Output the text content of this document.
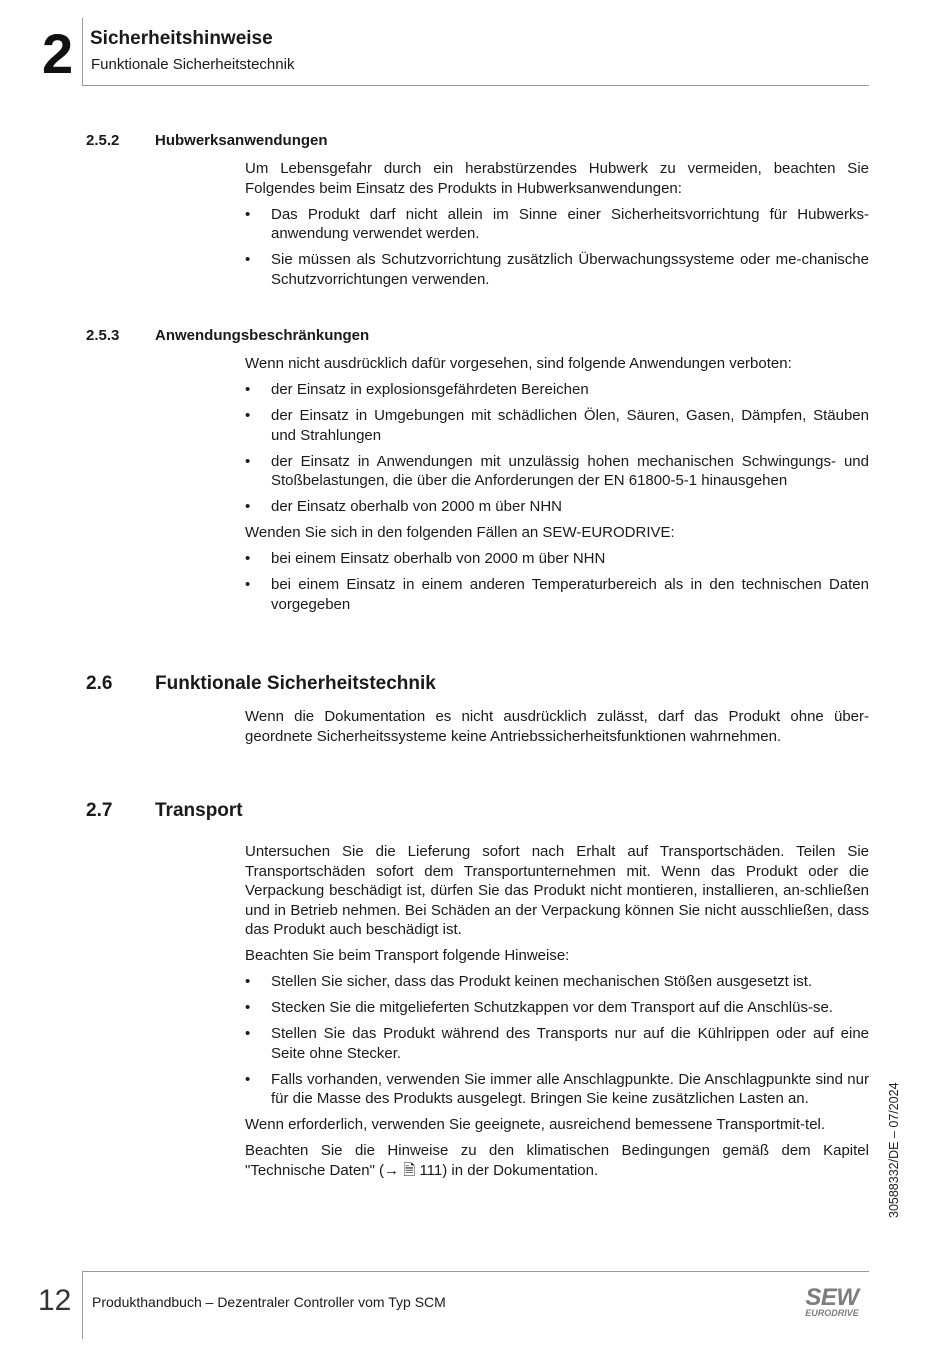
2 Sicherheitshinweise
Funktionale Sicherheitstechnik
2.5.2 Hubwerksanwendungen

Um Lebensgefahr durch ein herabstürzendes Hubwerk zu vermeiden, beachten Sie Folgendes beim Einsatz des Produkts in Hubwerksanwendungen:

•	Das Produkt darf nicht allein im Sinne einer Sicherheitsvorrichtung für Hubwerks-anwendung verwendet werden.
•	Sie müssen als Schutzvorrichtung zusätzlich Überwachungssysteme oder me-chanische Schutzvorrichtungen verwenden.
2.5.3 Anwendungsbeschränkungen

Wenn nicht ausdrücklich dafür vorgesehen, sind folgende Anwendungen verboten:

•	der Einsatz in explosionsgefährdeten Bereichen
•	der Einsatz in Umgebungen mit schädlichen Ölen, Säuren, Gasen, Dämpfen, Stäuben und Strahlungen
•	der Einsatz in Anwendungen mit unzulässig hohen mechanischen Schwingungs- und Stoßbelastungen, die über die Anforderungen der EN 61800-5-1 hinausgehen
•	der Einsatz oberhalb von 2000 m über NHN

Wenden Sie sich in den folgenden Fällen an SEW-EURODRIVE:

•	bei einem Einsatz oberhalb von 2000 m über NHN
•	bei einem Einsatz in einem anderen Temperaturbereich als in den technischen Daten vorgegeben
2.6 Funktionale Sicherheitstechnik

Wenn die Dokumentation es nicht ausdrücklich zulässt, darf das Produkt ohne über-geordnete Sicherheitssysteme keine Antriebssicherheitsfunktionen wahrnehmen.

2.7 Transport

Untersuchen Sie die Lieferung sofort nach Erhalt auf Transportschäden. Teilen Sie Transportschäden sofort dem Transportunternehmen mit. Wenn das Produkt oder die Verpackung beschädigt ist, dürfen Sie das Produkt nicht montieren, installieren, an-schließen und in Betrieb nehmen. Bei Schäden an der Verpackung können Sie nicht ausschließen, dass das Produkt auch beschädigt ist.

Beachten Sie beim Transport folgende Hinweise:

•	Stellen Sie sicher, dass das Produkt keinen mechanischen Stößen ausgesetzt ist.
•	Stecken Sie die mitgelieferten Schutzkappen vor dem Transport auf die Anschlüs-se.
•	Stellen Sie das Produkt während des Transports nur auf die Kühlrippen oder auf eine Seite ohne Stecker.
•	Falls vorhanden, verwenden Sie immer alle Anschlagpunkte. Die Anschlagpunkte sind nur für die Masse des Produkts ausgelegt. Bringen Sie keine zusätzlichen Lasten an.

Wenn erforderlich, verwenden Sie geeignete, ausreichend bemessene Transportmit-tel.

Beachten Sie die Hinweise zu den klimatischen Bedingungen gemäß dem Kapitel "Technische Daten" (→ 🗎 111) in der Dokumentation.	30588332/DE – 07/2024
12 Produkthandbuch – Dezentraler Controller vom Typ SCM	SEW
EURODRIVE
